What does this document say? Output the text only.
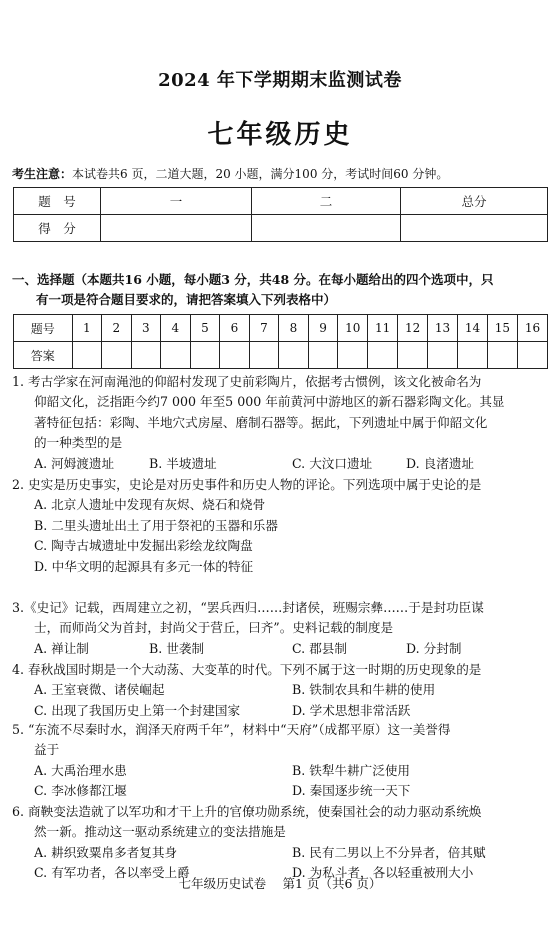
2024 年下学期期末监测试卷
七年级历史
考生注意：本试卷共6 页，二道大题，20 小题，满分100 分，考试时间60 分钟。
题　号	一	二	总分
得　分			
一、选择题（本题共16 小题，每小题3 分，共48 分。在每小题给出的四个选项中，只
有一项是符合题目要求的，请把答案填入下列表格中）
题号	1	2	3	4	5	6	7	8	9	10	11	12	13	14	15	16
答案																
1. 考古学家在河南渑池的仰韶村发现了史前彩陶片，依据考古惯例，该文化被命名为
仰韶文化，泛指距今约7 000 年至5 000 年前黄河中游地区的新石器彩陶文化。其显
著特征包括：彩陶、半地穴式房屋、磨制石器等。据此，下列遗址中属于仰韶文化
的一种类型的是
A. 河姆渡遗址	B. 半坡遗址	C. 大汶口遗址	D. 良渚遗址
2. 史实是历史事实，史论是对历史事件和历史人物的评论。下列选项中属于史论的是
A. 北京人遗址中发现有灰烬、烧石和烧骨
B. 二里头遗址出土了用于祭祀的玉器和乐器
C. 陶寺古城遗址中发掘出彩绘龙纹陶盘
D. 中华文明的起源具有多元一体的特征
3.《史记》记载，西周建立之初，“罢兵西归……封诸侯，班赐宗彝……于是封功臣谋
士，而师尚父为首封，封尚父于营丘，曰齐”。史料记载的制度是
A. 禅让制	B. 世袭制	C. 郡县制	D. 分封制
4. 春秋战国时期是一个大动荡、大变革的时代。下列不属于这一时期的历史现象的是
A. 王室衰微、诸侯崛起	B. 铁制农具和牛耕的使用
C. 出现了我国历史上第一个封建国家	D. 学术思想非常活跃
5. “东流不尽秦时水，润泽天府两千年”，材料中“天府”（成都平原）这一美誉得
益于
A. 大禹治理水患	B. 铁犁牛耕广泛使用
C. 李冰修都江堰	D. 秦国逐步统一天下
6. 商鞅变法造就了以军功和才干上升的官僚功勋系统，使秦国社会的动力驱动系统焕
然一新。推动这一驱动系统建立的变法措施是
A. 耕织致粟帛多者复其身	B. 民有二男以上不分异者，倍其赋
C. 有军功者，各以率受上爵	D. 为私斗者，各以轻重被刑大小
七年级历史试卷　 第1 页（共6 页）
